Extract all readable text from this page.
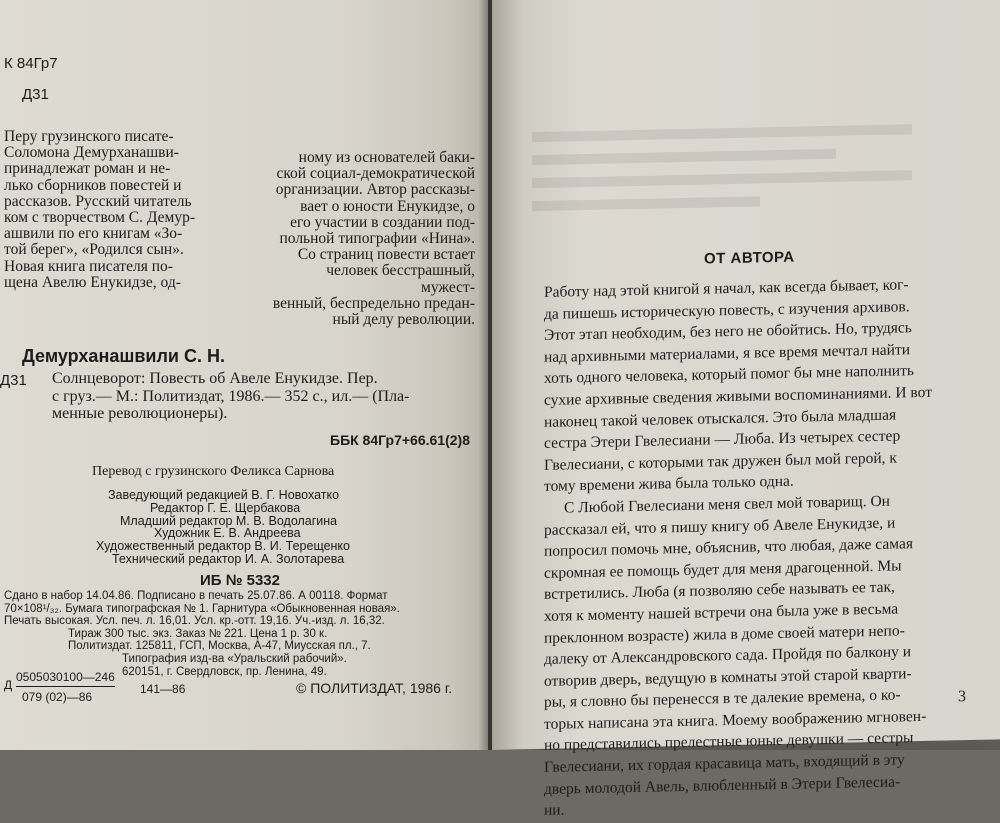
К 84Гр7
Д31
Перу грузинского писате-
Соломона Демурханашви-
принадлежат роман и не-
лько сборников повестей и
рассказов. Русский читатель
ком с творчеством С. Демур-
ашвили по его книгам «Зо-
той берег», «Родился сын».
Новая книга писателя по-
щена Авелю Енукидзе, од-
ному из основателей баки-
ской социал-демократической
организации. Автор рассказы-
вает о юности Енукидзе, о
его участии в создании под-
польной типографии «Нина».
Со страниц повести встает
человек бесстрашный, мужест-
венный, беспредельно предан-
ный делу революции.
Демурханашвили С. Н.
Д31 Солнцеворот: Повесть об Авеле Енукидзе. Пер.
с груз.— М.: Политиздат, 1986.— 352 с., ил.— (Пла-
менные революционеры).
ББК 84Гр7+66.61(2)8
Перевод с грузинского Феликса Сарнова
Заведующий редакцией В. Г. Новохатко
Редактор Г. Е. Щербакова
Младший редактор М. В. Водолагина
Художник Е. В. Андреева
Художественный редактор В. И. Терещенко
Технический редактор И. А. Золотарева
ИБ № 5332
Сдано в набор 14.04.86. Подписано в печать 25.07.86. А 00118. Формат
70×108¹/₃₂. Бумага типографская № 1. Гарнитура «Обыкновенная новая».
Печать высокая. Усл. печ. л. 16,01. Усл. кр.-отт. 19,16. Уч.-изд. л. 16,32.
Тираж 300 тыс. экз. Заказ № 221. Цена 1 р. 30 к.
Политиздат. 125811, ГСП, Москва, А-47, Миусская пл., 7.
Типография изд-ва «Уральский рабочий».
620151, г. Свердловск, пр. Ленина, 49.
Д
0505030100—246
079 (02)—86
141—86	© ПОЛИТИЗДАТ, 1986 г.
ОТ АВТОРА
Работу над этой книгой я начал, как всегда бывает, ког-
да пишешь историческую повесть, с изучения архивов.
Этот этап необходим, без него не обойтись. Но, трудясь
над архивными материалами, я все время мечтал найти
хоть одного человека, который помог бы мне наполнить
сухие архивные сведения живыми воспоминаниями. И вот
наконец такой человек отыскался. Это была младшая
сестра Этери Гвелесиани — Люба. Из четырех сестер
Гвелесиани, с которыми так дружен был мой герой, к
тому времени жива была только одна.
С Любой Гвелесиани меня свел мой товарищ. Он
рассказал ей, что я пишу книгу об Авеле Енукидзе, и
попросил помочь мне, объяснив, что любая, даже самая
скромная ее помощь будет для меня драгоценной. Мы
встретились. Люба (я позволяю себе называть ее так,
хотя к моменту нашей встречи она была уже в весьма
преклонном возрасте) жила в доме своей матери непо-
далеку от Александровского сада. Пройдя по балкону и
отворив дверь, ведущую в комнаты этой старой кварти-
ры, я словно бы перенесся в те далекие времена, о ко-
торых написана эта книга. Моему воображению мгновен-
но представились прелестные юные девушки — сестры
Гвелесиани, их гордая красавица мать, входящий в эту
дверь молодой Авель, влюбленный в Этери Гвелесиа-
ни.
3
